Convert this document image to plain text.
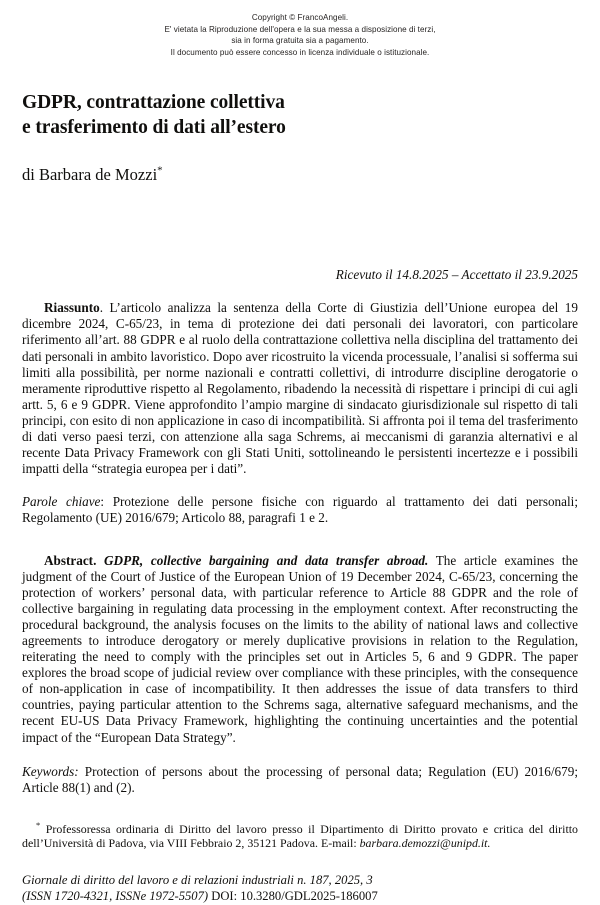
Copyright © FrancoAngeli.
E' vietata la Riproduzione dell'opera e la sua messa a disposizione di terzi,
sia in forma gratuita sia a pagamento.
Il documento può essere concesso in licenza individuale o istituzionale.
GDPR, contrattazione collettiva
e trasferimento di dati all’estero
di Barbara de Mozzi*
Ricevuto il 14.8.2025 – Accettato il 23.9.2025
Riassunto. L’articolo analizza la sentenza della Corte di Giustizia dell’Unione europea del 19 dicembre 2024, C-65/23, in tema di protezione dei dati personali dei lavoratori, con particolare riferimento all’art. 88 GDPR e al ruolo della contrattazione collettiva nella disciplina del trattamento dei dati personali in ambito lavoristico. Dopo aver ricostruito la vicenda processuale, l’analisi si sofferma sui limiti alla possibilità, per norme nazionali e contratti collettivi, di introdurre discipline derogatorie o meramente riproduttive rispetto al Regolamento, ribadendo la necessità di rispettare i principi di cui agli artt. 5, 6 e 9 GDPR. Viene approfondito l’ampio margine di sindacato giurisdizionale sul rispetto di tali principi, con esito di non applicazione in caso di incompatibilità. Si affronta poi il tema del trasferimento di dati verso paesi terzi, con attenzione alla saga Schrems, ai meccanismi di garanzia alternativi e al recente Data Privacy Framework con gli Stati Uniti, sottolineando le persistenti incertezze e i possibili impatti della “strategia europea per i dati”.
Parole chiave: Protezione delle persone fisiche con riguardo al trattamento dei dati personali; Regolamento (UE) 2016/679; Articolo 88, paragrafi 1 e 2.
Abstract. GDPR, collective bargaining and data transfer abroad. The article examines the judgment of the Court of Justice of the European Union of 19 December 2024, C-65/23, concerning the protection of workers’ personal data, with particular reference to Article 88 GDPR and the role of collective bargaining in regulating data processing in the employment context. After reconstructing the procedural background, the analysis focuses on the limits to the ability of national laws and collective agreements to introduce derogatory or merely duplicative provisions in relation to the Regulation, reiterating the need to comply with the principles set out in Articles 5, 6 and 9 GDPR. The paper explores the broad scope of judicial review over compliance with these principles, with the consequence of non-application in case of incompatibility. It then addresses the issue of data transfers to third countries, paying particular attention to the Schrems saga, alternative safeguard mechanisms, and the recent EU-US Data Privacy Framework, highlighting the continuing uncertainties and the potential impact of the “European Data Strategy”.
Keywords: Protection of persons about the processing of personal data; Regulation (EU) 2016/679; Article 88(1) and (2).
* Professoressa ordinaria di Diritto del lavoro presso il Dipartimento di Diritto provato e critica del diritto dell’Università di Padova, via VIII Febbraio 2, 35121 Padova. E-mail: barbara.demozzi@unipd.it.
Giornale di diritto del lavoro e di relazioni industriali n. 187, 2025, 3
(ISSN 1720-4321, ISSNe 1972-5507) DOI: 10.3280/GDL2025-186007
